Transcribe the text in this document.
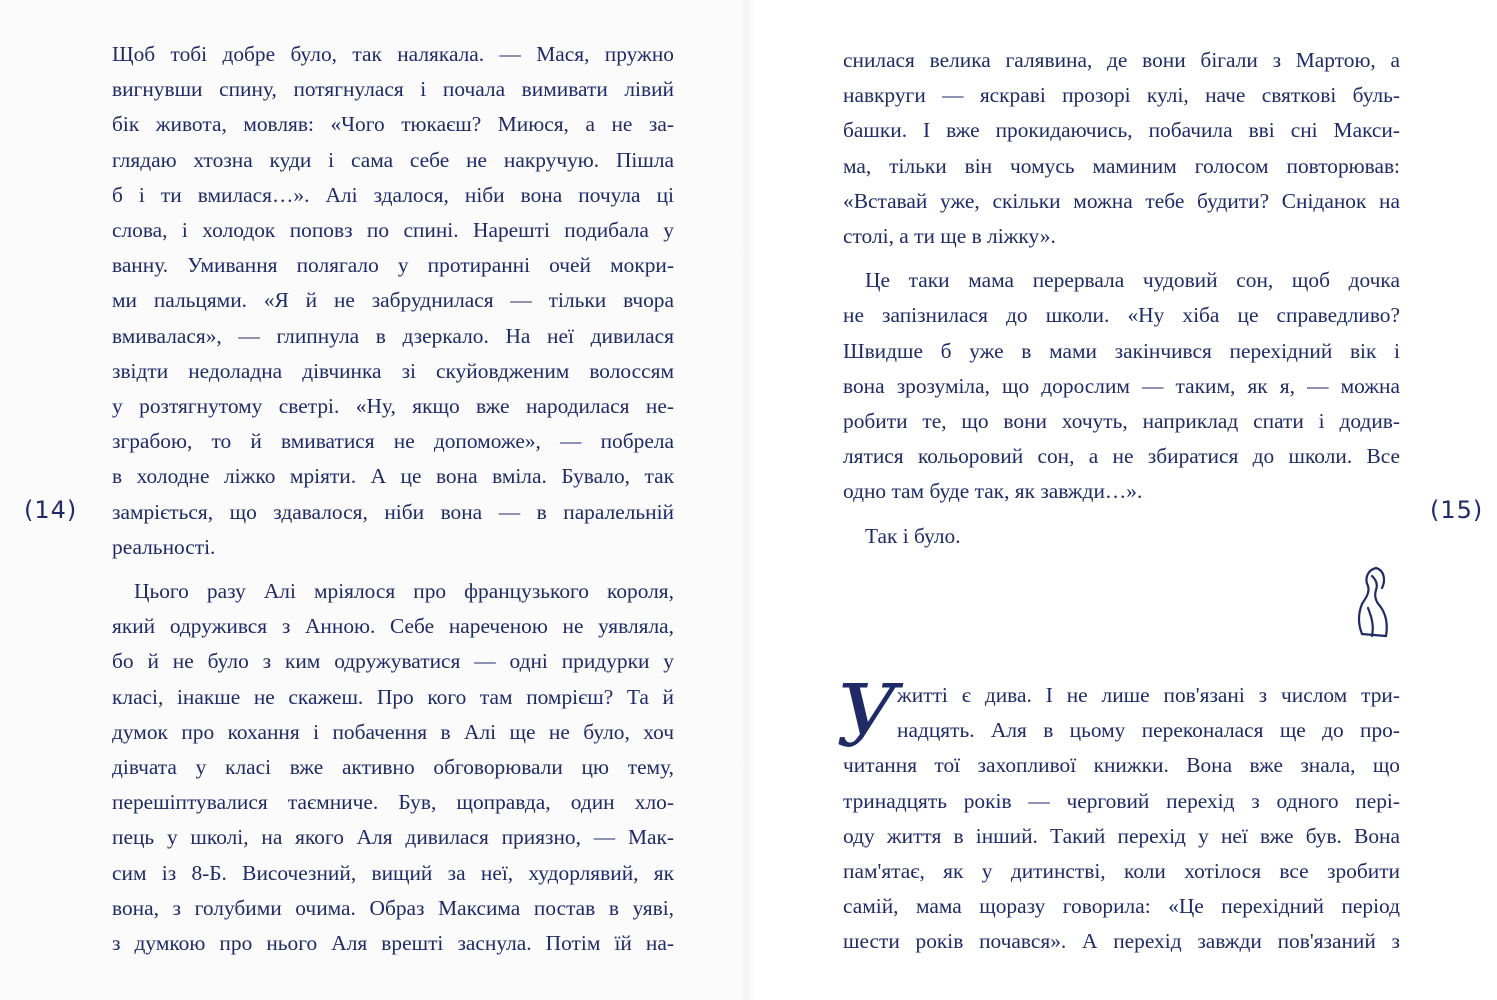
(14)	(15)
Щоб тобі добре було, так налякала. — Мася, пружно
вигнувши спину, потягнулася і почала вимивати лівий
бік живота, мовляв: «Чого тюкаєш? Миюся, а не за-
глядаю хтозна куди і сама себе не накручую. Пішла
б і ти вмилася…». Алі здалося, ніби вона почула ці
слова, і холодок поповз по спині. Нарешті подибала у
ванну. Умивання полягало у протиранні очей мокри-
ми пальцями. «Я й не забруднилася — тільки вчора
вмивалася», — глипнула в дзеркало. На неї дивилася
звідти недоладна дівчинка зі скуйовдженим волоссям
у розтягнутому светрі. «Ну, якщо вже народилася не-
зграбою, то й вмиватися не допоможе», — побрела
в холодне ліжко мріяти. А це вона вміла. Бувало, так
замріється, що здавалося, ніби вона — в паралельній
реальності.
Цього разу Алі мріялося про французького короля,
який одружився з Анною. Себе нареченою не уявляла,
бо й не було з ким одружуватися — одні придурки у
класі, інакше не скажеш. Про кого там помрієш? Та й
думок про кохання і побачення в Алі ще не було, хоч
дівчата у класі вже активно обговорювали цю тему,
перешіптувалися таємниче. Був, щоправда, один хло-
пець у школі, на якого Аля дивилася приязно, — Мак-
сим із 8-Б. Височезний, вищий за неї, худорлявий, як
вона, з голубими очима. Образ Максима постав в уяві,
з думкою про нього Аля врешті заснула. Потім їй на-
снилася велика галявина, де вони бігали з Мартою, а
навкруги — яскраві прозорі кулі, наче святкові буль-
башки. І вже прокидаючись, побачила вві сні Макси-
ма, тільки він чомусь маминим голосом повторював:
«Вставай уже, скільки можна тебе будити? Сніданок на
столі, а ти ще в ліжку».
Це таки мама перервала чудовий сон, щоб дочка
не запізнилася до школи. «Ну хіба це справедливо?
Швидше б уже в мами закінчився перехідний вік і
вона зрозуміла, що дорослим — таким, як я, — можна
робити те, що вони хочуть, наприклад спати і додив-
лятися кольоровий сон, а не збиратися до школи. Все
одно там буде так, як завжди…».
Так і було.
У
житті є дива. І не лише пов'язані з числом три-
надцять. Аля в цьому переконалася ще до про-
читання тої захопливої книжки. Вона вже знала, що
тринадцять років — черговий перехід з одного пері-
оду життя в інший. Такий перехід у неї вже був. Вона
пам'ятає, як у дитинстві, коли хотілося все зробити
самій, мама щоразу говорила: «Це перехідний період
шести років почався». А перехід завжди пов'язаний з
